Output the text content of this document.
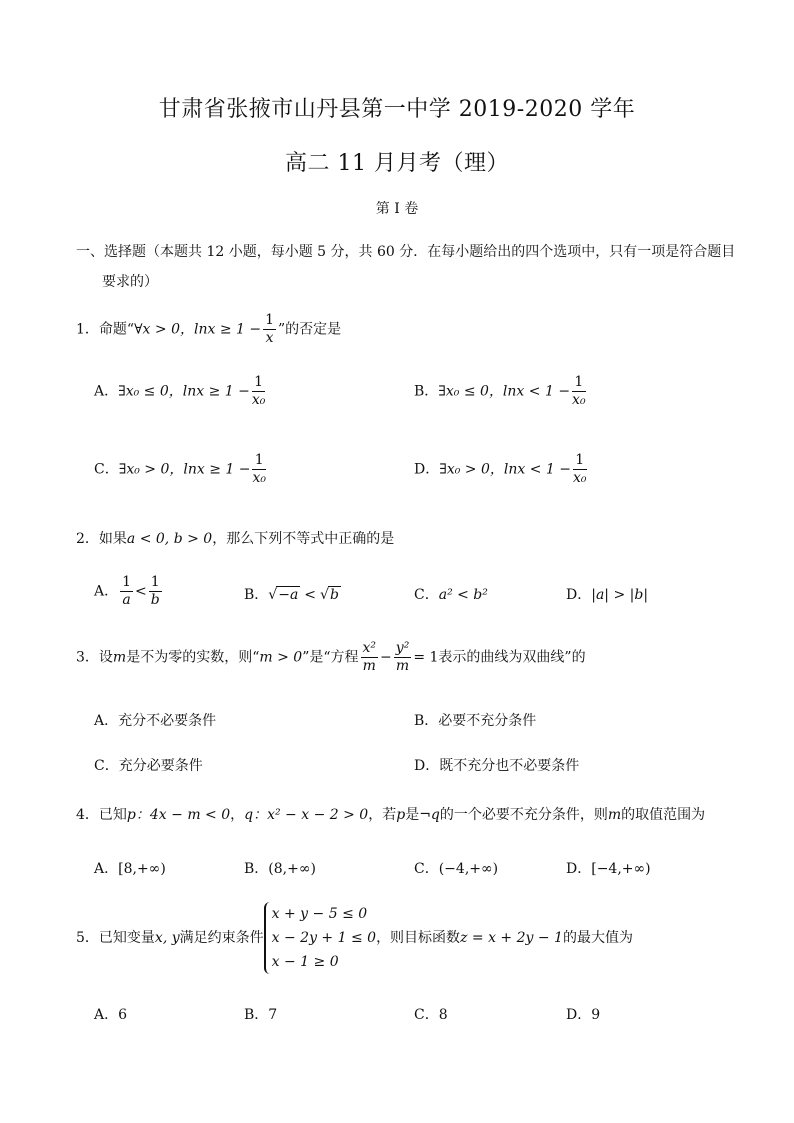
甘肃省张掖市山丹县第一中学 2019-2020 学年
高二 11 月月考（理）
第 I 卷
一、选择题（本题共 12 小题，每小题 5 分，共 60 分．在每小题给出的四个选项中，只有一项是符合题目
要求的）
1．命题“∀x > 0，$\ln x \ge 1 - \frac{1}{x}$ ”的否定是
A．∃x₀ ≤ 0，$\ln x \ge 1 - \frac{1}{\text{x₀}}$	B．∃x₀ ≤ 0，$\ln x < 1 - \frac{1}{\text{x₀}}$
C．∃x₀ > 0，$\ln x \ge 1 - \frac{1}{\text{x₀}}$	D．∃x₀ > 0，$\ln x < 1 - \frac{1}{\text{x₀}}$
2．如果a < 0, b > 0，那么下列不等式中正确的是
A． $\frac{1}{a} < \frac{1}{b}$	B．√−a < √b	C．a² < b²	D．|a| > |b|
3．设m是不为零的实数，则“m > 0”是“方程 $\frac{\text{x²}}{m} - \frac{\text{y²}}{m} = 1$表示的曲线为双曲线”的
A．充分不必要条件	B．必要不充分条件
C．充分必要条件	D．既不充分也不必要条件
4．已知p：4x − m < 0，q：x² − x − 2 > 0，若p是¬q的一个必要不充分条件，则m的取值范围为
A．[8,+∞)	B．(8,+∞)	C．(−4,+∞)	D．[−4,+∞)
5．已知变量x, y满足约束条件
x + y − 5 ≤ 0
x − 2y + 1 ≤ 0
x − 1 ≥ 0
，则目标函数z = x + 2y − 1的最大值为
A．6	B．7	C．8	D．9
